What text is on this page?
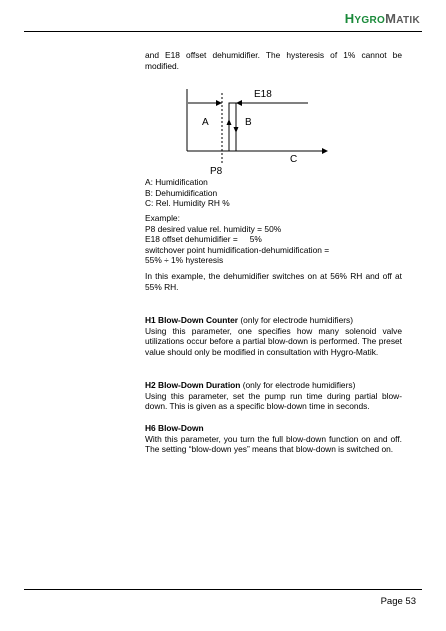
HYGROMATIK

and E18 offset dehumidifier. The hysteresis of 1% cannot be modified.

E18
A	B
C
P8
A: Humidification
B: Dehumidification
C: Rel. Humidity RH %
Example:
P8 desired value rel. humidity = 50%
E18 offset dehumidifier = 5%
switchover point humidification-dehumidification =
55% ÷ 1% hysteresis

In this example, the dehumidifier switches on at 56% RH and off at 55% RH.

H1 Blow-Down Counter (only for electrode humidifiers)

Using this parameter, one specifies how many solenoid valve utilizations occur before a partial blow-down is performed. The preset value should only be modified in consultation with Hygro-Matik.

H2 Blow-Down Duration (only for electrode humidifiers)

Using this parameter, set the pump run time during partial blow-down. This is given as a specific blow-down time in seconds.

H6 Blow-Down

With this parameter, you turn the full blow-down function on and off. The setting “blow-down yes” means that blow-down is switched on.

Page 53
